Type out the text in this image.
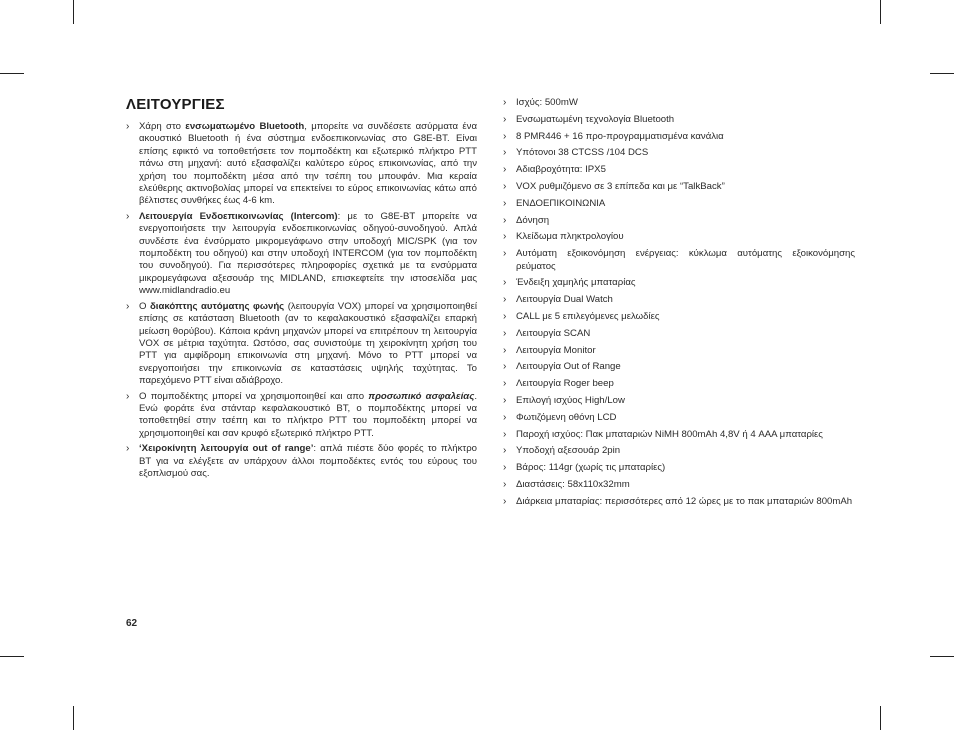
ΛΕΙΤΟΥΡΓΙΕΣ
› Χάρη στο ενσωματωμένο Bluetooth, μπορείτε να συνδέσετε ασύρματα ένα ακουστικό Bluetooth ή ένα σύστημα ενδοεπικοινωνίας στο G8E-BT. Είναι επίσης εφικτό να τοποθετήσετε τον πομποδέκτη και εξωτερικό πλήκτρο PTT πάνω στη μηχανή: αυτό εξασφαλίζει καλύτερο εύρος επικοινωνίας, από την χρήση του πομποδέκτη μέσα από την τσέπη του μπουφάν. Μια κεραία ελεύθερης ακτινοβολίας μπορεί να επεκτείνει το εύρος επικοινωνίας κάτω από βέλτιστες συνθήκες έως 4-6 km.
› Λειτουεργία Ενδοεπικοινωνίας (Intercom): με το G8E-BT μπορείτε να ενεργοποιήσετε την λειτουργία ενδοεπικοινωνίας οδηγού-συνοδηγού. Απλά συνδέστε ένα ένσύρματο μικρομεγάφωνο στην υποδοχή MIC/SPK (για τον πομποδέκτη του οδηγού) και στην υποδοχή INTERCOM (για τον πομποδέκτη του συνοδηγού). Για περισσότερες πληροφορίες σχετικά με τα ενσύρματα μικρομεγάφωνα αξεσουάρ της MIDLAND, επισκεφτείτε την ιστοσελίδα μας www.midlandradio.eu
› Ο διακόπτης αυτόματης φωνής (λειτουργία VOX) μπορεί να χρησιμοποιηθεί επίσης σε κατάσταση Bluetooth (αν το κεφαλακουστικό εξασφαλίζει επαρκή μείωση θορύβου). Κάποια κράνη μηχανών μπορεί να επιτρέπουν τη λειτουργία VOX σε μέτρια ταχύτητα. Ωστόσο, σας συνιστούμε τη χειροκίνητη χρήση του PTT για αμφίδρομη επικοινωνία στη μηχανή. Μόνο το PTT μπορεί να ενεργοποιήσει την επικοινωνία σε καταστάσεις υψηλής ταχύτητας. Το παρεχόμενο PTT είναι αδιάβροχο.
› Ο πομποδέκτης μπορεί να χρησιμοποιηθεί και απο προσωπικό ασφαλείας. Ενώ φοράτε ένα στάνταρ κεφαλακουστικό BT, ο πομποδέκτης μπορεί να τοποθετηθεί στην τσέπη και το πλήκτρο PTT του πομποδέκτη μπορεί να χρησιμοποιηθεί και σαν κρυφό εξωτερικό πλήκτρο PTT.
› ‘Χειροκίνητη λειτουργία out of range’: απλά πιέστε δύο φορές το πλήκτρο BT για να ελέγξετε αν υπάρχουν άλλοι πομποδέκτες εντός του εύρους του εξοπλισμού σας.
› Ισχύς: 500mW
› Ενσωματωμένη τεχνολογία Bluetooth
› 8 PMR446 + 16 προ-προγραμματισμένα κανάλια
› Υπότονοι 38 CTCSS /104 DCS
› Αδιαβροχότητα: IPX5
› VOX ρυθμιζόμενο σε 3 επίπεδα και με “TalkBack”
› ΕΝΔΟΕΠΙΚΟΙΝΩΝΙΑ
› Δόνηση
› Κλείδωμα πληκτρολογίου
› Αυτόματη εξοικονόμηση ενέργειας: κύκλωμα αυτόματης εξοικονόμησης ρεύματος
› Ένδειξη χαμηλής μπαταρίας
› Λειτουργία Dual Watch
› CALL με 5 επιλεγόμενες μελωδίες
› Λειτουργία SCAN
› Λειτουργία Monitor
› Λειτουργία Out of Range
› Λειτουργία Roger beep
› Επιλογή ισχύος High/Low
› Φωτιζόμενη οθόνη LCD
› Παροχή ισχύος: Πακ μπαταριών NiMH 800mAh 4,8V ή 4 AAA μπαταρίες
› Υποδοχή αξεσουάρ 2pin
› Βάρος: 114gr (χωρίς τις μπαταρίες)
› Διαστάσεις: 58x110x32mm
› Διάρκεια μπαταρίας: περισσότερες από 12 ώρες με το πακ μπαταριών 800mAh
62
